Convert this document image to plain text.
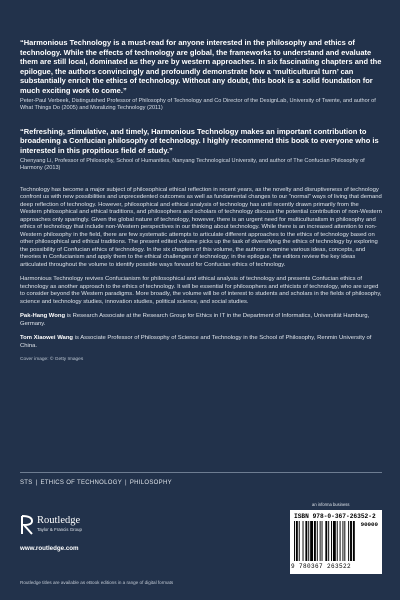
“Harmonious Technology is a must-read for anyone interested in the philosophy and ethics of technology. While the effects of technology are global, the frameworks to understand and evaluate them are still local, dominated as they are by western approaches. In six fascinating chapters and the epilogue, the authors convincingly and profoundly demonstrate how a ‘multicultural turn’ can substantially enrich the ethics of technology. Without any doubt, this book is a solid foundation for much exciting work to come.”

Peter-Paul Verbeek, Distinguished Professor of Philosophy of Technology and Co Director of the DesignLab, University of Twente, and author of What Things Do (2005) and Moralizing Technology (2011)

“Refreshing, stimulative, and timely, Harmonious Technology makes an important contribution to broadening a Confucian philosophy of technology. I highly recommend this book to everyone who is interested in this propitious field of study.”

Chenyang Li, Professor of Philosophy, School of Humanities, Nanyang Technological University, and author of The Confucian Philosophy of Harmony (2013)

Technology has become a major subject of philosophical ethical reflection in recent years, as the novelty and disruptiveness of technology confront us with new possibilities and unprecedented outcomes as well as fundamental changes to our “normal” ways of living that demand deep reflection of technology. However, philosophical and ethical analysis of technology has until recently drawn primarily from the Western philosophical and ethical traditions, and philosophers and scholars of technology discuss the potential contribution of non-Western approaches only sparingly. Given the global nature of technology, however, there is an urgent need for multiculturalism in philosophy and ethics of technology that include non-Western perspectives in our thinking about technology. While there is an increased attention to non-Western philosophy in the field, there are few systematic attempts to articulate different approaches to the ethics of technology based on other philosophical and ethical traditions. The present edited volume picks up the task of diversifying the ethics of technology by exploring the possibility of Confucian ethics of technology. In the six chapters of this volume, the authors examine various ideas, concepts, and theories in Confucianism and apply them to the ethical challenges of technology; in the epilogue, the editors review the key ideas articulated throughout the volume to identify possible ways forward for Confucian ethics of technology.

Harmonious Technology revives Confucianism for philosophical and ethical analysis of technology and presents Confucian ethics of technology as another approach to the ethics of technology. It will be essential for philosophers and ethicists of technology, who are urged to consider beyond the Western paradigms. More broadly, the volume will be of interest to students and scholars in the fields of philosophy, science and technology studies, innovation studies, political science, and social studies.

Pak-Hang Wong is Research Associate at the Research Group for Ethics in IT in the Department of Informatics, Universität Hamburg, Germany.

Tom Xiaowei Wang is Associate Professor of Philosophy of Science and Technology in the School of Philosophy, Renmin University of China.

Cover image: © Getty Images

STS | ETHICS OF TECHNOLOGY | PHILOSOPHY
Routledge
Taylor & Francis Group
www.routledge.com
Routledge titles are available as eBook editions in a range of digital formats
an informa business
ISBN 978-0-367-26352-2
90000
9 780367 263522
